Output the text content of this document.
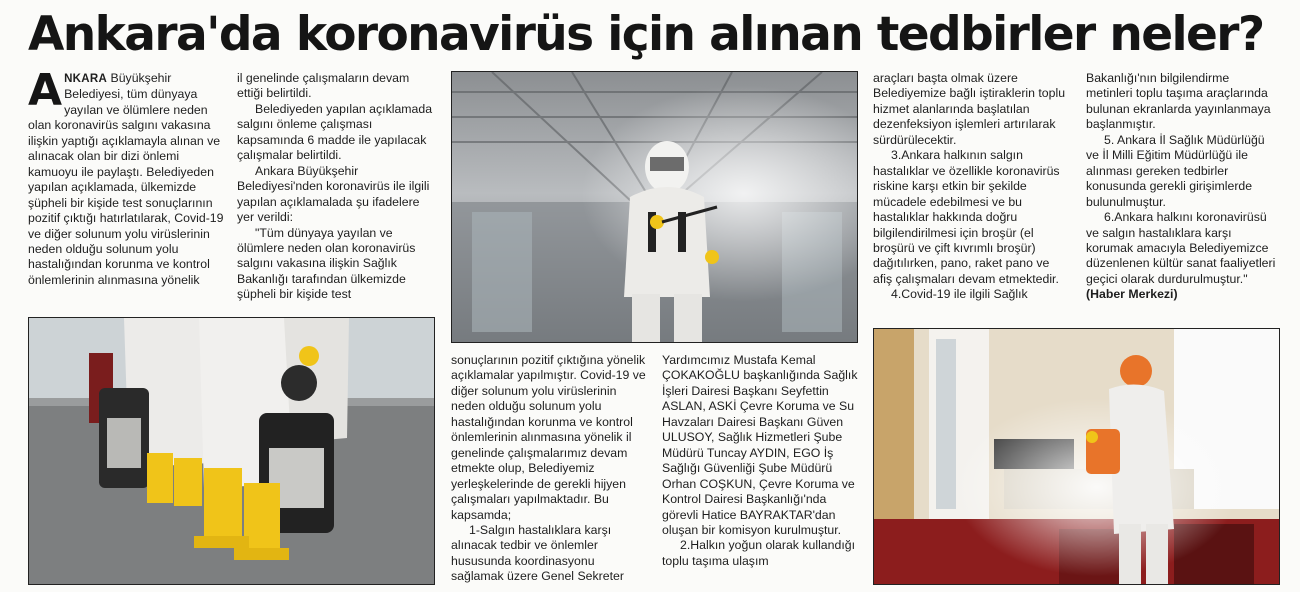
Ankara'da koronavirüs için alınan tedbirler neler?

ANKARA Büyükşehir Belediyesi, tüm dünyaya yayılan ve ölümlere neden olan koronavirüs salgını vakasına ilişkin yaptığı açıklamayla alınan ve alınacak olan bir dizi önlemi kamuoyu ile paylaştı. Belediyeden yapılan açıklamada, ülkemizde şüpheli bir kişide test sonuçlarının pozitif çıktığı hatırlatılarak, Covid-19 ve diğer solunum yolu virüslerinin neden olduğu solunum yolu hastalığından korunma ve kontrol önlemlerinin alınmasına yönelik

il genelinde çalışmaların devam ettiği belirtildi.

Belediyeden yapılan açıklamada salgını önleme çalışması kapsamında 6 madde ile yapılacak çalışmalar belirtildi.

Ankara Büyükşehir Belediyesi'nden koronavirüs ile ilgili yapılan açıklamalada şu ifadelere yer verildi:

"Tüm dünyaya yayılan ve ölümlere neden olan koronavirüs salgını vakasına ilişkin Sağlık Bakanlığı tarafından ülkemizde şüpheli bir kişide test

araçları başta olmak üzere Belediyemize bağlı iştiraklerin toplu hizmet alanlarında başlatılan dezenfeksiyon işlemleri artırılarak sürdürülecektir.

3.Ankara halkının salgın hastalıklar ve özellikle koronavirüs riskine karşı etkin bir şekilde mücadele edebilmesi ve bu hastalıklar hakkında doğru bilgilendirilmesi için broşür (el broşürü ve çift kıvrımlı broşür) dağıtılırken, pano, raket pano ve afiş çalışmaları devam etmektedir.

4.Covid-19 ile ilgili Sağlık

Bakanlığı'nın bilgilendirme metinleri toplu taşıma araçlarında bulunan ekranlarda yayınlanmaya başlanmıştır.

5. Ankara İl Sağlık Müdürlüğü ve İl Milli Eğitim Müdürlüğü ile alınması gereken tedbirler konusunda gerekli girişimlerde bulunulmuştur.

6.Ankara halkını koronavirüsü ve salgın hastalıklara karşı korumak amacıyla Belediyemizce düzenlenen kültür sanat faaliyetleri geçici olarak durdurulmuştur." (Haber Merkezi)

sonuçlarının pozitif çıktığına yönelik açıklamalar yapılmıştır. Covid-19 ve diğer solunum yolu virüslerinin neden olduğu solunum yolu hastalığından korunma ve kontrol önlemlerinin alınmasına yönelik il genelinde çalışmalarımız devam etmekte olup, Belediyemiz yerleşkelerinde de gerekli hijyen çalışmaları yapılmaktadır. Bu kapsamda;

1-Salgın hastalıklara karşı alınacak tedbir ve önlemler hususunda koordinasyonu sağlamak üzere Genel Sekreter

Yardımcımız Mustafa Kemal ÇOKAKOĞLU başkanlığında Sağlık İşleri Dairesi Başkanı Seyfettin ASLAN, ASKİ Çevre Koruma ve Su Havzaları Dairesi Başkanı Güven ULUSOY, Sağlık Hizmetleri Şube Müdürü Tuncay AYDIN, EGO İş Sağlığı Güvenliği Şube Müdürü Orhan COŞKUN, Çevre Koruma ve Kontrol Dairesi Başkanlığı'nda görevli Hatice BAYRAKTAR'dan oluşan bir komisyon kurulmuştur.

2.Halkın yoğun olarak kullandığı toplu taşıma ulaşım
